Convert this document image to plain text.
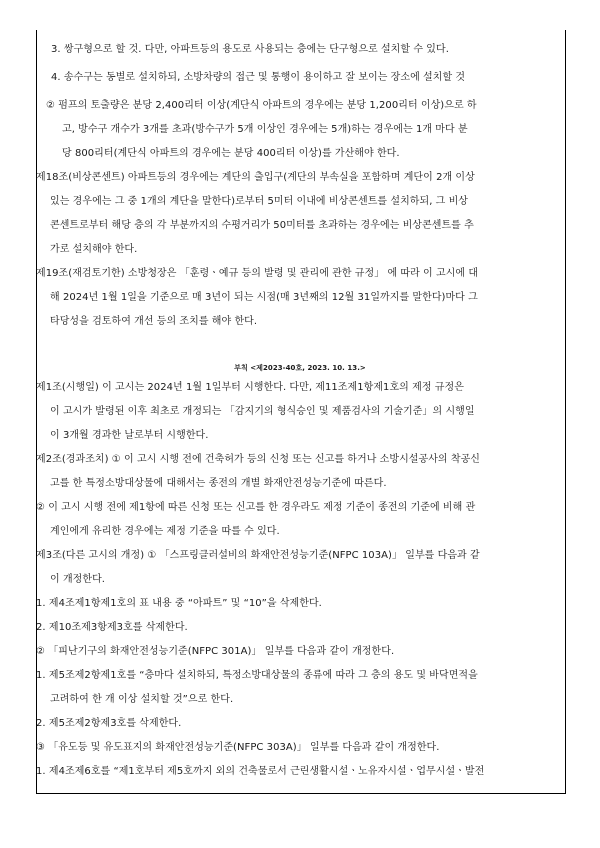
3. 쌍구형으로 할 것. 다만, 아파트등의 용도로 사용되는 층에는 단구형으로 설치할 수 있다.
4. 송수구는 동별로 설치하되, 소방차량의 접근 및 통행이 용이하고 잘 보이는 장소에 설치할 것
② 펌프의 토출량은 분당 2,400리터 이상(계단식 아파트의 경우에는 분당 1,200리터 이상)으로 하
고, 방수구 개수가 3개를 초과(방수구가 5개 이상인 경우에는 5개)하는 경우에는 1개 마다 분
당 800리터(계단식 아파트의 경우에는 분당 400리터 이상)를 가산해야 한다.
제18조(비상콘센트) 아파트등의 경우에는 계단의 출입구(계단의 부속실을 포함하며 계단이 2개 이상
있는 경우에는 그 중 1개의 계단을 말한다)로부터 5미터 이내에 비상콘센트를 설치하되, 그 비상
콘센트로부터 해당 층의 각 부분까지의 수평거리가 50미터를 초과하는 경우에는 비상콘센트를 추
가로 설치해야 한다.
제19조(재검토기한) 소방청장은 「훈령ㆍ예규 등의 발령 및 관리에 관한 규정」 에 따라 이 고시에 대
해 2024년 1월 1일을 기준으로 매 3년이 되는 시점(매 3년째의 12월 31일까지를 말한다)마다 그
타당성을 검토하여 개선 등의 조치를 해야 한다.
부칙 <제2023-40호, 2023. 10. 13.>
제1조(시행일) 이 고시는 2024년 1월 1일부터 시행한다. 다만, 제11조제1항제1호의 제정 규정은
이 고시가 발령된 이후 최초로 개정되는 「감지기의 형식승인 및 제품검사의 기술기준」의 시행일
이 3개월 경과한 날로부터 시행한다.
제2조(경과조치) ① 이 고시 시행 전에 건축허가 등의 신청 또는 신고를 하거나 소방시설공사의 착공신
고를 한 특정소방대상물에 대해서는 종전의 개별 화재안전성능기준에 따른다.
② 이 고시 시행 전에 제1항에 따른 신청 또는 신고를 한 경우라도 제정 기준이 종전의 기준에 비해 관
계인에게 유리한 경우에는 제정 기준을 따를 수 있다.
제3조(다른 고시의 개정) ① 「스프링클러설비의 화재안전성능기준(NFPC 103A)」 일부를 다음과 같
이 개정한다.
1. 제4조제1항제1호의 표 내용 중 “아파트” 및 “10”을 삭제한다.
2. 제10조제3항제3호를 삭제한다.
② 「피난기구의 화재안전성능기준(NFPC 301A)」 일부를 다음과 같이 개정한다.
1. 제5조제2항제1호를 “층마다 설치하되, 특정소방대상물의 종류에 따라 그 층의 용도 및 바닥면적을
고려하여 한 개 이상 설치할 것”으로 한다.
2. 제5조제2항제3호를 삭제한다.
③ 「유도등 및 유도표지의 화재안전성능기준(NFPC 303A)」 일부를 다음과 같이 개정한다.
1. 제4조제6호를 “제1호부터 제5호까지 외의 건축물로서 근린생활시설ㆍ노유자시설ㆍ업무시설ㆍ발전
